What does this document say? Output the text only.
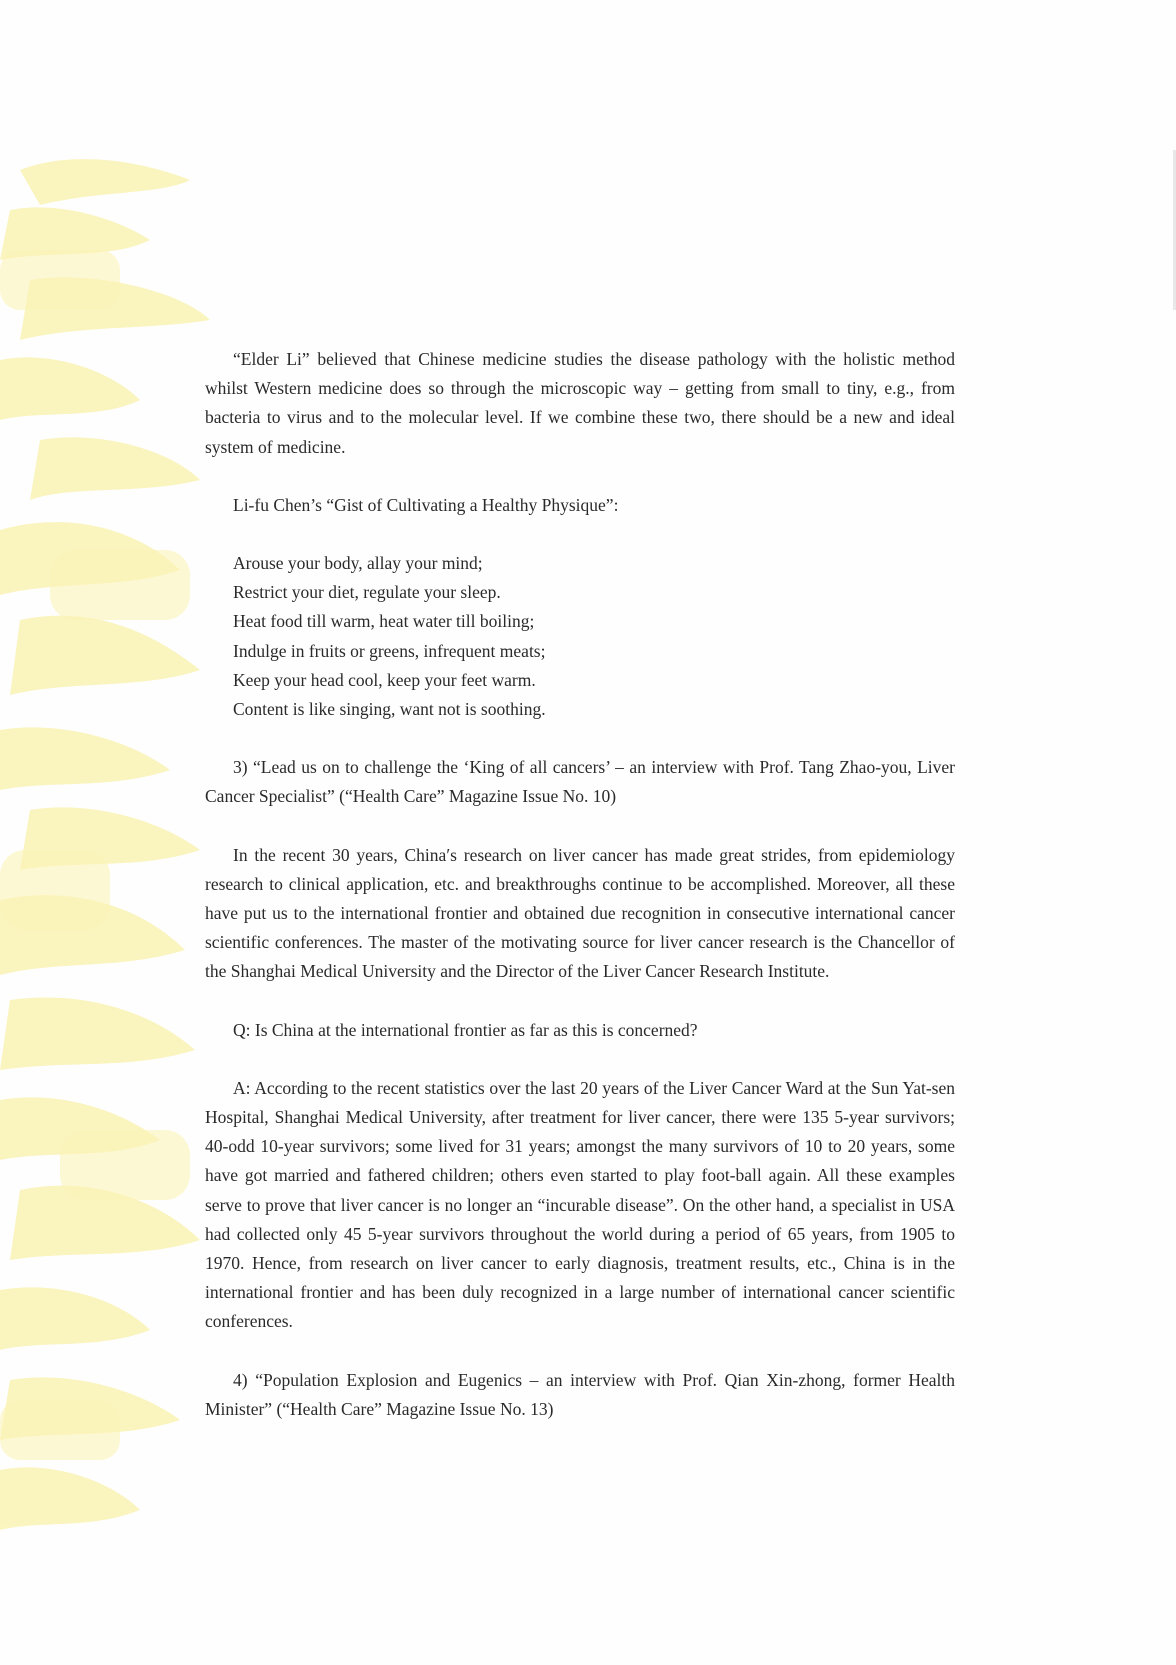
“Elder Li” believed that Chinese medicine studies the disease pathology with the holistic method whilst Western medicine does so through the microscopic way – getting from small to tiny, e.g., from bacteria to virus and to the molecular level. If we combine these two, there should be a new and ideal system of medicine.

Li-fu Chen’s “Gist of Cultivating a Healthy Physique”:

Arouse your body, allay your mind;
Restrict your diet, regulate your sleep.
Heat food till warm, heat water till boiling;
Indulge in fruits or greens, infrequent meats;
Keep your head cool, keep your feet warm.
Content is like singing, want not is soothing.

3) “Lead us on to challenge the ‘King of all cancers’ – an interview with Prof. Tang Zhao-you, Liver Cancer Specialist” (“Health Care” Magazine Issue No. 10)

In the recent 30 years, China′s research on liver cancer has made great strides, from epidemiology research to clinical application, etc. and breakthroughs continue to be accomplished. Moreover, all these have put us to the international frontier and obtained due recognition in consecutive international cancer scientific conferences. The master of the motivating source for liver cancer research is the Chancellor of the Shanghai Medical University and the Director of the Liver Cancer Research Institute.

Q: Is China at the international frontier as far as this is concerned?

A: According to the recent statistics over the last 20 years of the Liver Cancer Ward at the Sun Yat-sen Hospital, Shanghai Medical University, after treatment for liver cancer, there were 135 5-year survivors; 40-odd 10-year survivors; some lived for 31 years; amongst the many survivors of 10 to 20 years, some have got married and fathered children; others even started to play foot-ball again. All these examples serve to prove that liver cancer is no longer an “incurable disease”. On the other hand, a specialist in USA had collected only 45 5-year survivors throughout the world during a period of 65 years, from 1905 to 1970. Hence, from research on liver cancer to early diagnosis, treatment results, etc., China is in the international frontier and has been duly recognized in a large number of international cancer scientific conferences.

4) “Population Explosion and Eugenics – an interview with Prof. Qian Xin-zhong, former Health Minister” (“Health Care” Magazine Issue No. 13)
